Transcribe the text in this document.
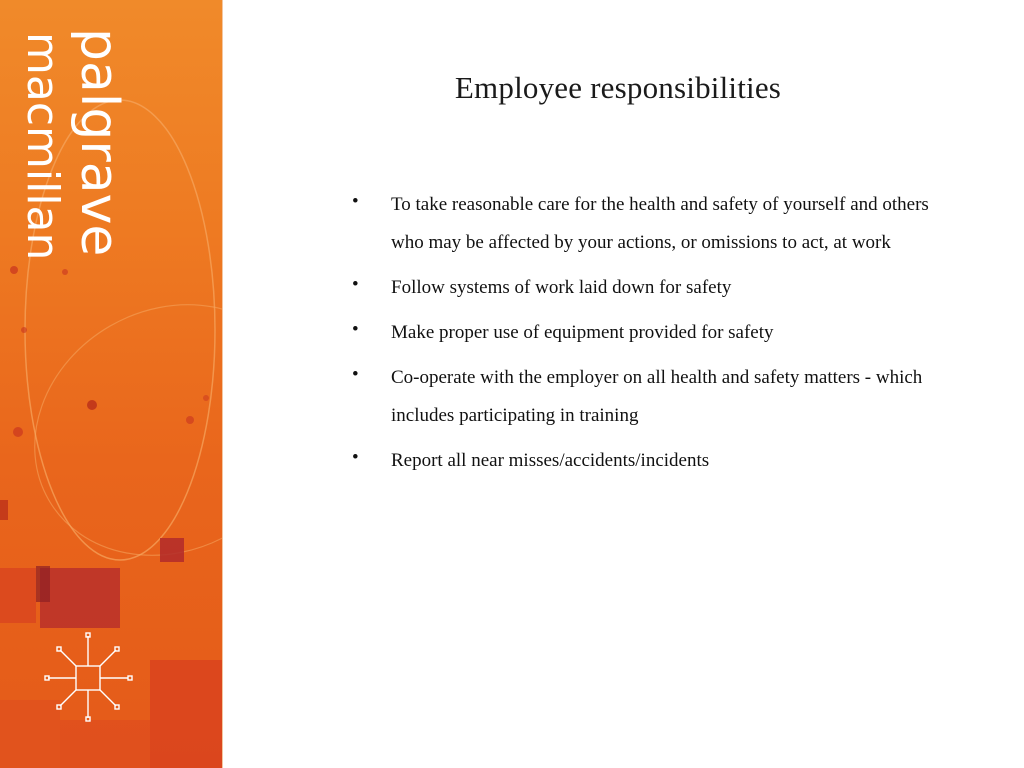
palgrave
macmillan	Employee responsibilities
•	To take reasonable care for the health and safety of yourself and others who may be affected by your actions, or omissions to act, at work
•	Follow systems of work laid down for safety
•	Make proper use of equipment provided for safety
•	Co-operate with the employer on all health and safety matters - which includes participating in training
•	Report all near misses/accidents/incidents
